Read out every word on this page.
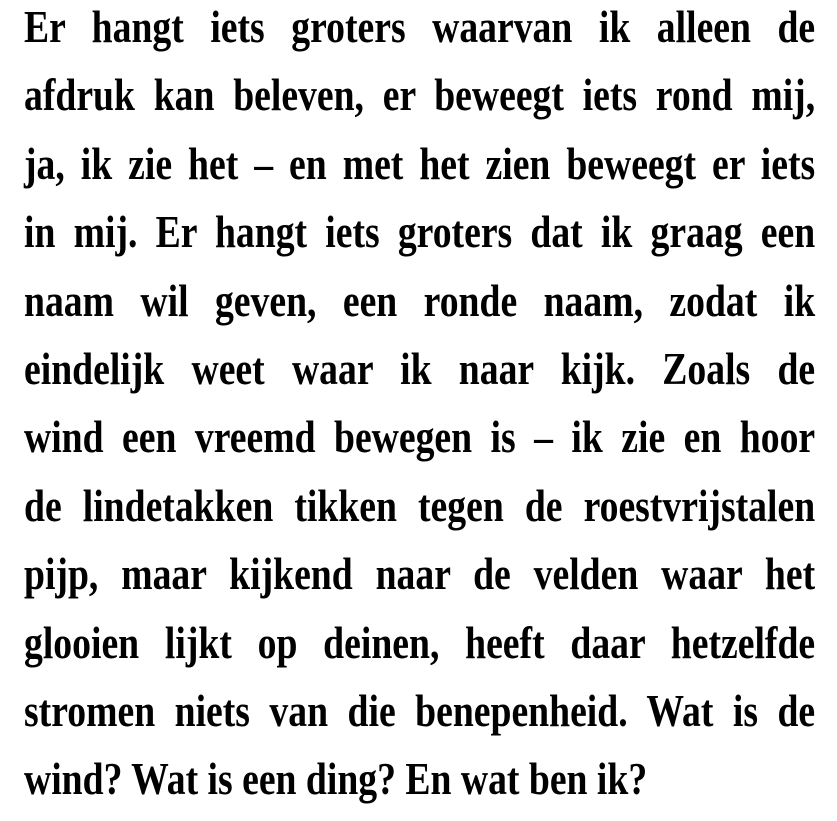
Er hangt iets groters waarvan ik alleen de
afdruk kan beleven, er beweegt iets rond mij,
ja, ik zie het – en met het zien beweegt er iets
in mij. Er hangt iets groters dat ik graag een
naam wil geven, een ronde naam, zodat ik
eindelijk weet waar ik naar kijk. Zoals de
wind een vreemd bewegen is – ik zie en hoor
de lindetakken tikken tegen de roestvrijstalen
pijp, maar kijkend naar de velden waar het
glooien lijkt op deinen, heeft daar hetzelfde
stromen niets van die benepenheid. Wat is de
wind? Wat is een ding? En wat ben ik?
